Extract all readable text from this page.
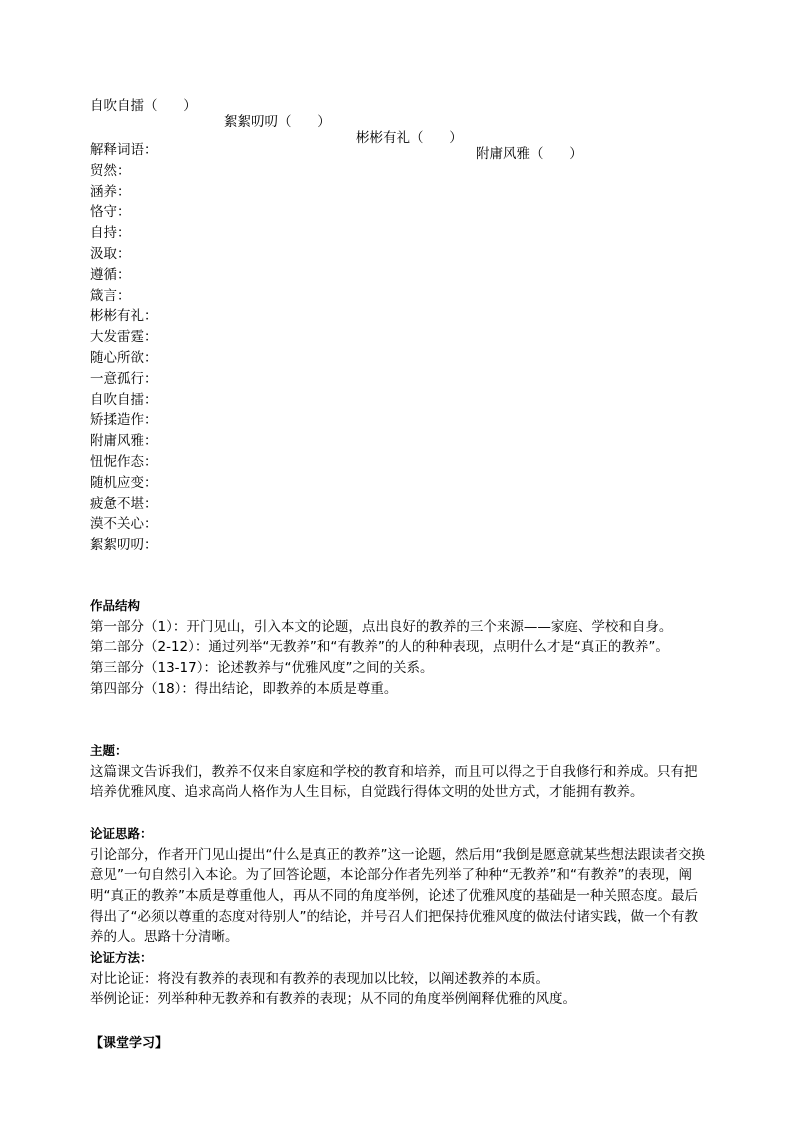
自吹自擂（      ）

絮絮叨叨（      ）

彬彬有礼（      ）

附庸风雅（      ）

解释词语：
贸然：
涵养：
恪守：
自持：
汲取：
遵循：
箴言：
彬彬有礼：
大发雷霆：
随心所欲：
一意孤行：
自吹自擂：
矫揉造作：
附庸风雅：
忸怩作态：
随机应变：
疲惫不堪：
漠不关心：
絮絮叨叨：
作品结构
第一部分（1）：开门见山，引入本文的论题，点出良好的教养的三个来源——家庭、学校和自身。
第二部分（2-12）：通过列举“无教养”和“有教养”的人的种种表现，点明什么才是“真正的教养”。
第三部分（13-17）：论述教养与“优雅风度”之间的关系。
第四部分（18）：得出结论，即教养的本质是尊重。
主题：
这篇课文告诉我们，教养不仅来自家庭和学校的教育和培养，而且可以得之于自我修行和养成。只有把培养优雅风度、追求高尚人格作为人生目标，自觉践行得体文明的处世方式，才能拥有教养。
论证思路：
引论部分，作者开门见山提出“什么是真正的教养”这一论题，然后用“我倒是愿意就某些想法跟读者交换意见”一句自然引入本论。为了回答论题，本论部分作者先列举了种种“无教养”和“有教养”的表现，阐明“真正的教养”本质是尊重他人，再从不同的角度举例，论述了优雅风度的基础是一种关照态度。最后得出了“必须以尊重的态度对待别人”的结论，并号召人们把保持优雅风度的做法付诸实践，做一个有教养的人。思路十分清晰。
论证方法：
对比论证：将没有教养的表现和有教养的表现加以比较，以阐述教养的本质。
举例论证：列举种种无教养和有教养的表现；从不同的角度举例阐释优雅的风度。
【课堂学习】
